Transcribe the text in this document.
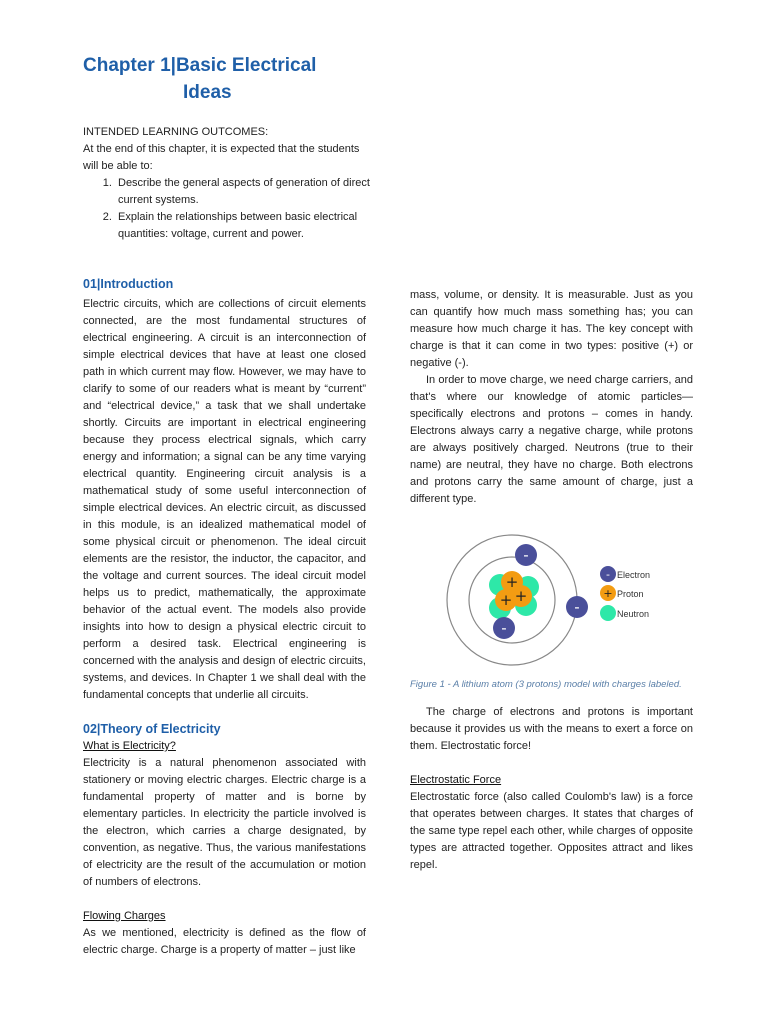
Chapter 1|Basic Electrical
Ideas
INTENDED LEARNING OUTCOMES:
At the end of this chapter, it is expected that the students will be able to:
1. Describe the general aspects of generation of direct current systems.
2. Explain the relationships between basic electrical quantities: voltage, current and power.
01|Introduction

Electric circuits, which are collections of circuit elements connected, are the most fundamental structures of electrical engineering. A circuit is an interconnection of simple electrical devices that have at least one closed path in which current may flow. However, we may have to clarify to some of our readers what is meant by “current” and “electrical device,” a task that we shall undertake shortly. Circuits are important in electrical engineering because they process electrical signals, which carry energy and information; a signal can be any time varying electrical quantity. Engineering circuit analysis is a mathematical study of some useful interconnection of simple electrical devices. An electric circuit, as discussed in this module, is an idealized mathematical model of some physical circuit or phenomenon. The ideal circuit elements are the resistor, the inductor, the capacitor, and the voltage and current sources. The ideal circuit model helps us to predict, mathematically, the approximate behavior of the actual event. The models also provide insights into how to design a physical electric circuit to perform a desired task. Electrical engineering is concerned with the analysis and design of electric circuits, systems, and devices. In Chapter 1 we shall deal with the fundamental concepts that underlie all circuits.

02|Theory of Electricity

What is Electricity?

Electricity is a natural phenomenon associated with stationery or moving electric charges. Electric charge is a fundamental property of matter and is borne by elementary particles. In electricity the particle involved is the electron, which carries a charge designated, by convention, as negative. Thus, the various manifestations of electricity are the result of the accumulation or motion of numbers of electrons.

Flowing Charges

As we mentioned, electricity is defined as the flow of electric charge. Charge is a property of matter – just like

mass, volume, or density. It is measurable. Just as you can quantify how much mass something has; you can measure how much charge it has. The key concept with charge is that it can come in two types: positive (+) or negative (-).

In order to move charge, we need charge carriers, and that's where our knowledge of atomic particles—specifically electrons and protons – comes in handy. Electrons always carry a negative charge, while protons are always positively charged. Neutrons (true to their name) are neutral, they have no charge. Both electrons and protons carry the same amount of charge, just a different type.

+
+ +
-
-
-
- Electron
+ Proton
Neutron
Figure 1 - A lithium atom (3 protons) model with charges labeled.

The charge of electrons and protons is important because it provides us with the means to exert a force on them. Electrostatic force!

Electrostatic Force

Electrostatic force (also called Coulomb's law) is a force that operates between charges. It states that charges of the same type repel each other, while charges of opposite types are attracted together. Opposites attract and likes repel.
